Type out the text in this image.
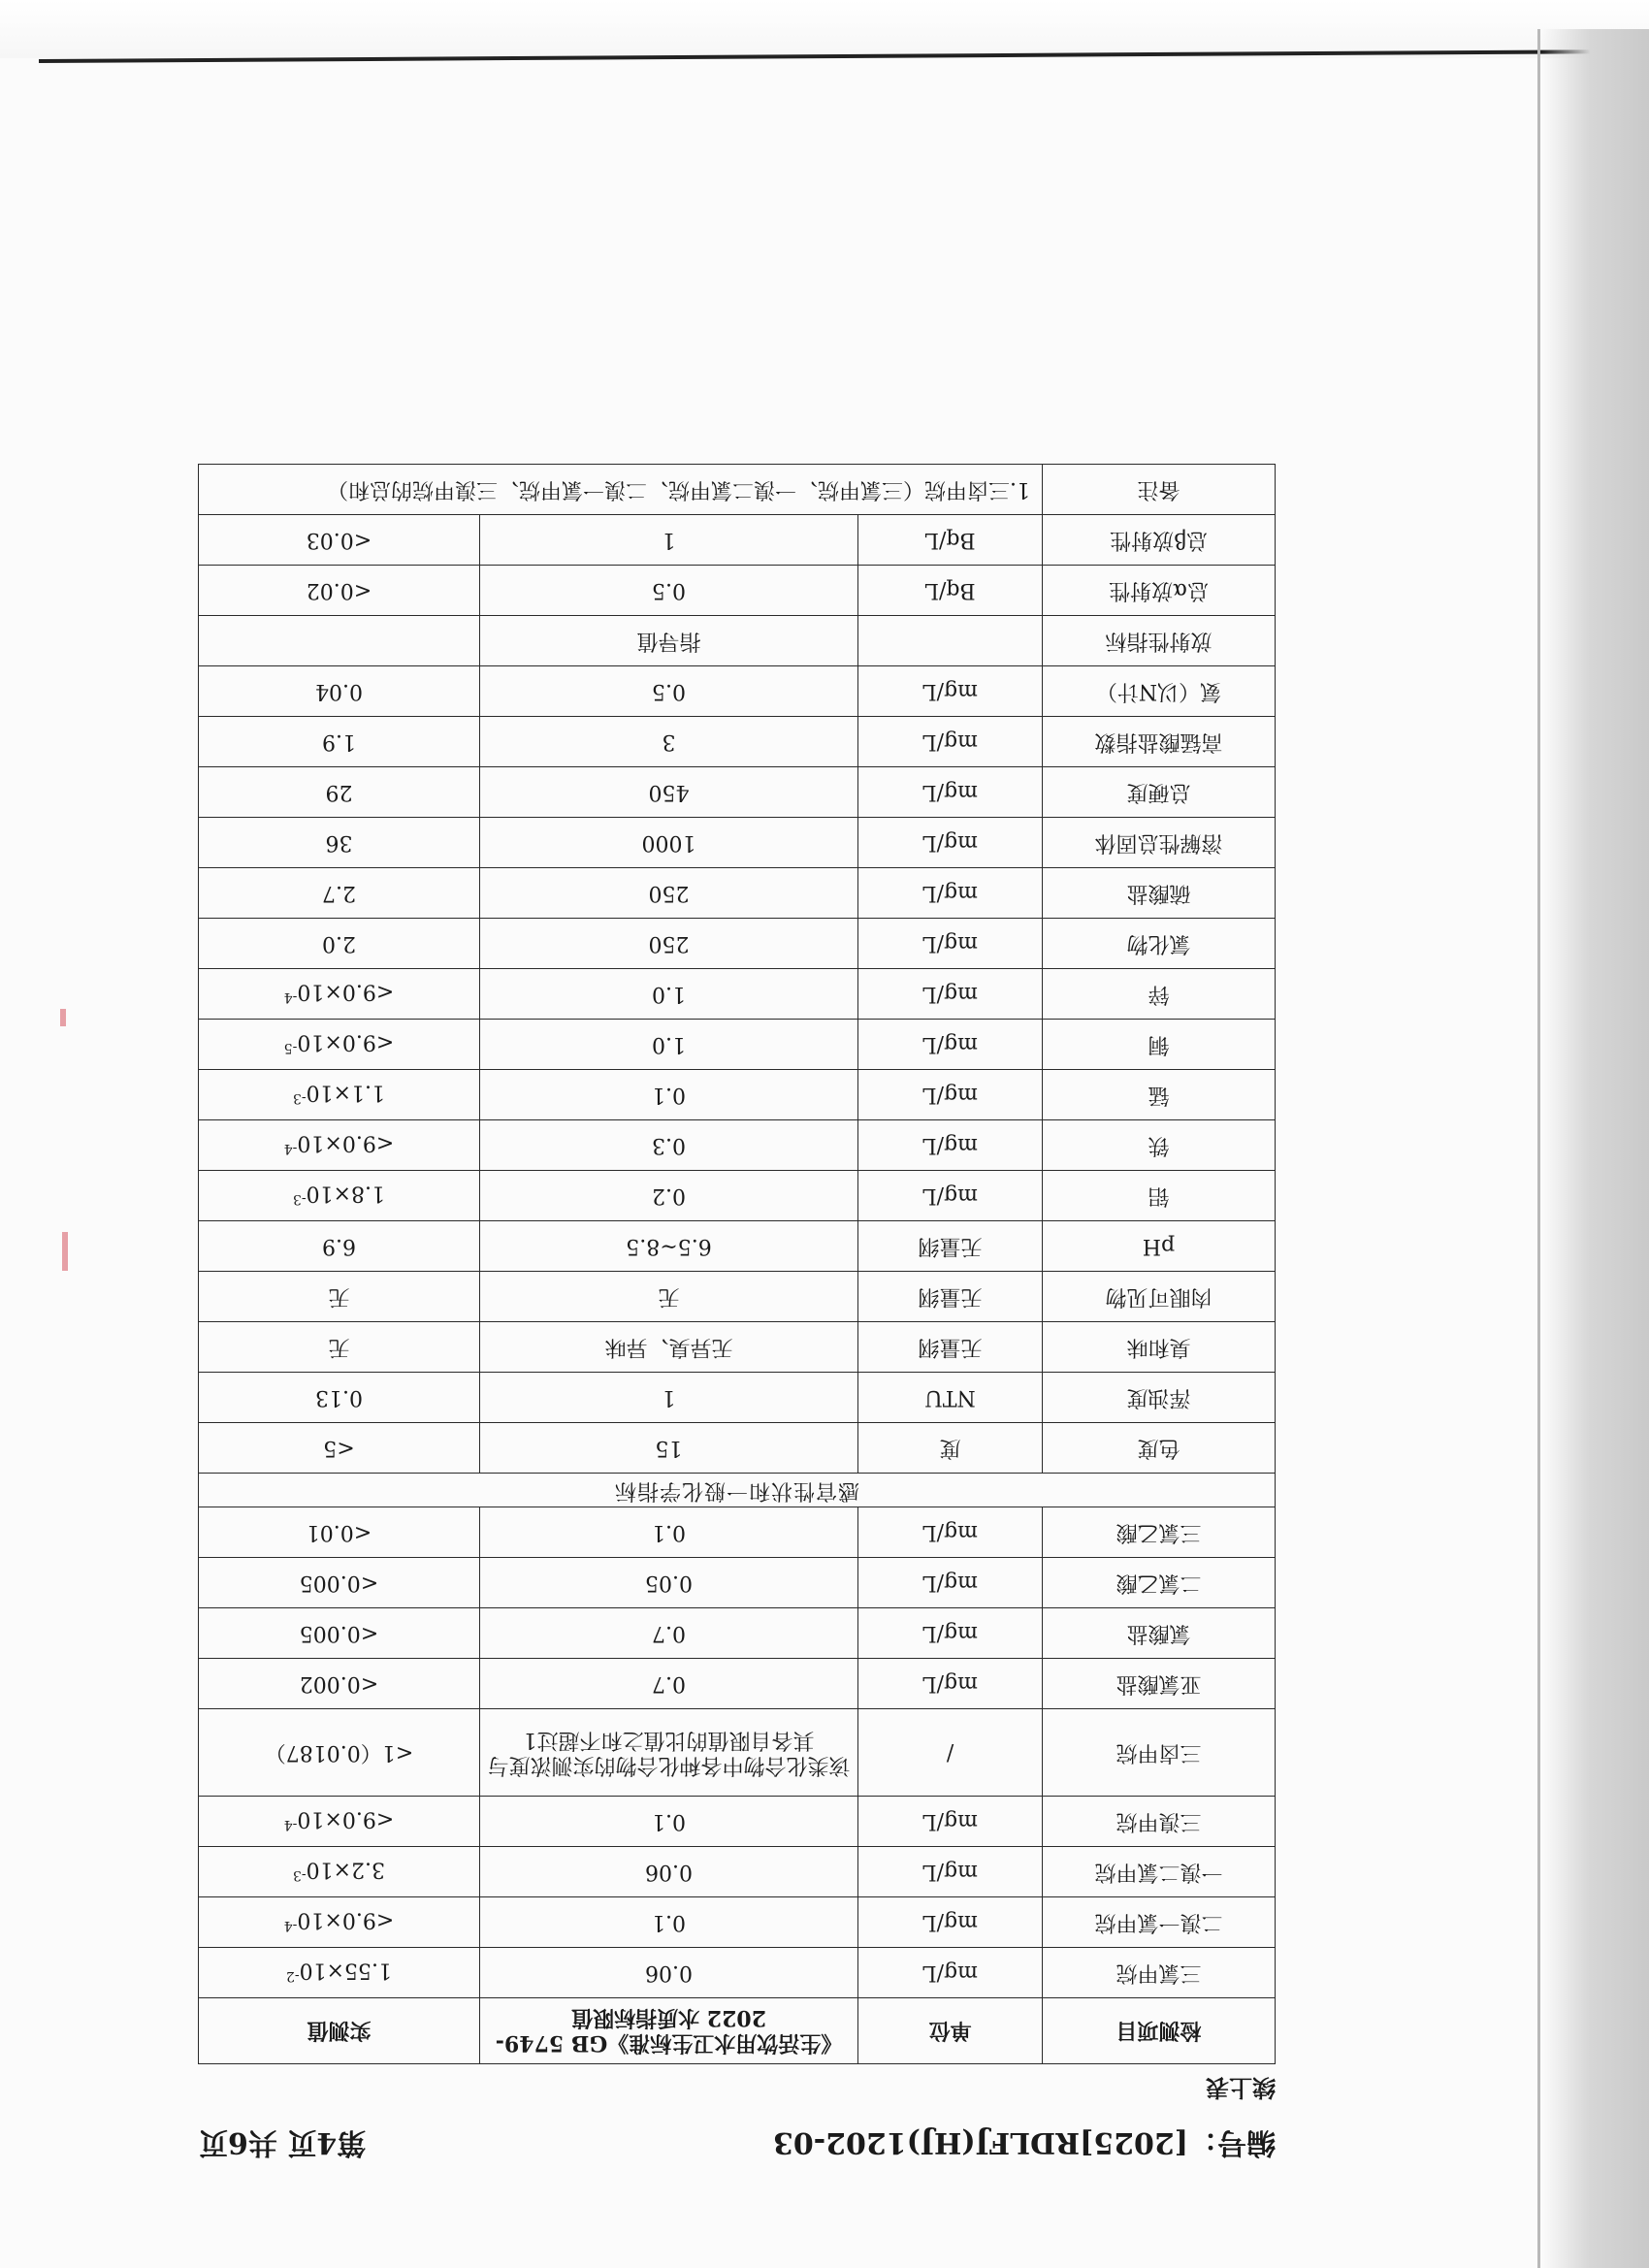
编号：[2025]RDLFJ(HJ)1202-03
第4页 共6页
续上表
检测项目	单位	《生活饮用水卫生标准》GB 5749-2022 水质指标限值	实测值
三氯甲烷	mg/L	0.06	$1.55\times 10^{-2}$
二溴一氯甲烷	mg/L	0.1	$<9.0\times 10^{-4}$
一溴二氯甲烷	mg/L	0.06	$3.2\times 10^{-3}$
三溴甲烷	mg/L	0.1	$<9.0\times 10^{-4}$
三卤甲烷	/	该类化合物中各种化合物的实测浓度与其各自限值的比值之和不超过1	<1（0.0187）
亚氯酸盐	mg/L	0.7	<0.002
氯酸盐	mg/L	0.7	<0.005
二氯乙酸	mg/L	0.05	<0.005
三氯乙酸	mg/L	0.1	<0.01
感官性状和一般化学指标			
色度	度	15	<5
浑浊度	NTU	1	0.13
臭和味	无量纲	无异臭、异味	无
肉眼可见物	无量纲	无	无
pH	无量纲	6.5~8.5	6.9
铝	mg/L	0.2	$1.8\times 10^{-3}$
铁	mg/L	0.3	$<9.0\times 10^{-4}$
锰	mg/L	0.1	$1.1\times 10^{-3}$
铜	mg/L	1.0	$<9.0\times 10^{-5}$
锌	mg/L	1.0	$<9.0\times 10^{-4}$
氯化物	mg/L	250	2.0
硫酸盐	mg/L	250	2.7
溶解性总固体	mg/L	1000	36
总硬度	mg/L	450	29
高锰酸盐指数	mg/L	3	1.9
氨（以N计）	mg/L	0.5	0.04
放射性指标		指导值	
总α放射性	Bq/L	0.5	<0.02
总β放射性	Bq/L	1	<0.03
备注	1.三卤甲烷（三氯甲烷、一溴二氯甲烷、二溴一氯甲烷、三溴甲烷的总和）		
